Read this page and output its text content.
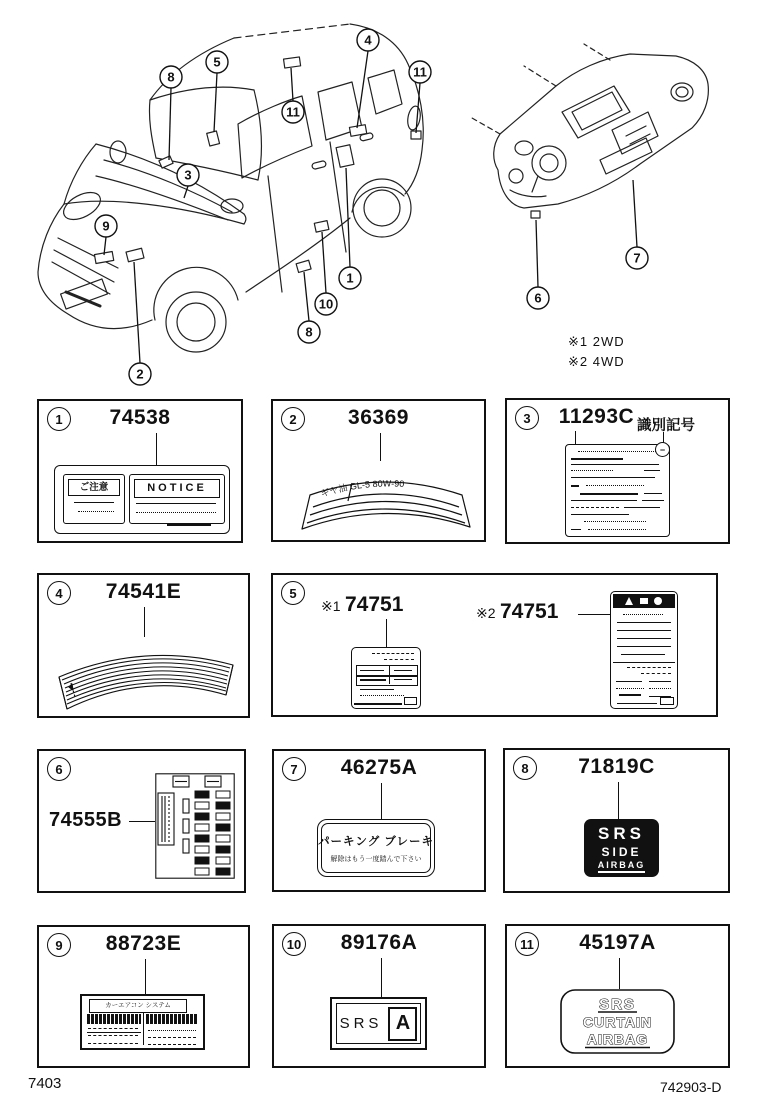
8
5
4
11
11
3
9
2
1
10
8
6
7
※1 2WD
※2 4WD
1	74538
ご注意	NOTICE
2	36369
ギヤ油 GL-5 80W-90
3	11293C 識別記号
−
4	74541E	5
※1 74751	※2 74751
6
74555B
7	46275A
パーキング ブレーキ
解除はもう一度踏んで下さい
8	71819C
SRS
SIDE
AIRBAG
9	88723E
カーエアコン システム
10	89176A
SRS A
11	45197A
SRS
CURTAIN
AIRBAG
7403	742903-D
